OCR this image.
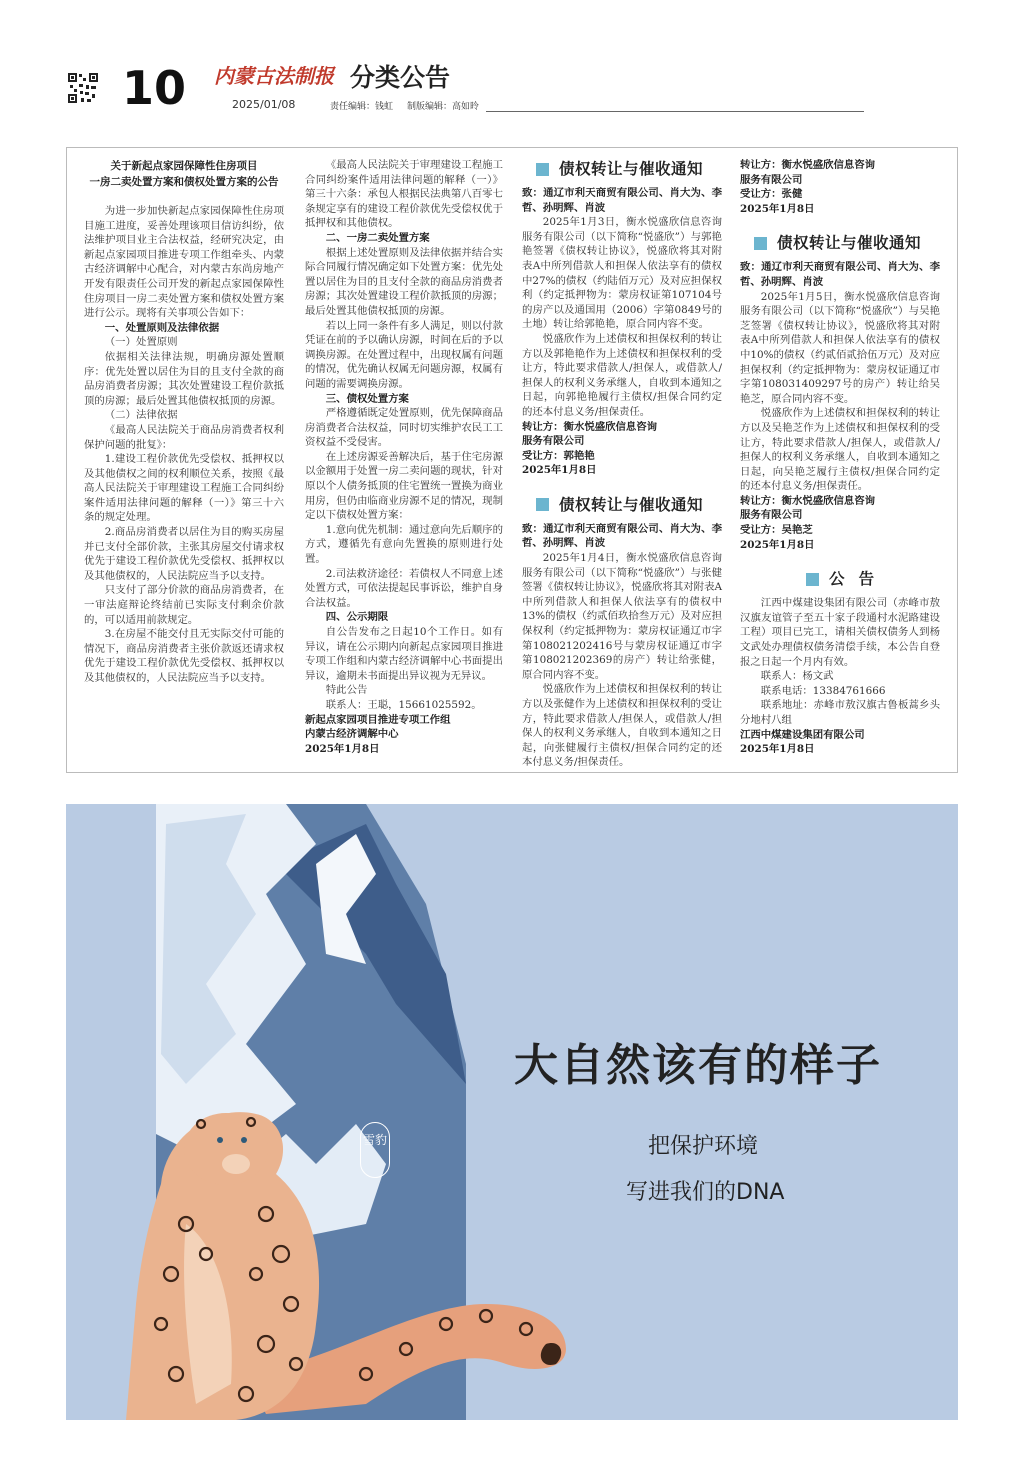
10 内蒙古法制报
2025/01/08
分类公告
责任编辑：钱虹 制版编辑：高如昤
关于新起点家园保障性住房项目
一房二卖处置方案和债权处置方案的公告

为进一步加快新起点家园保障性住房项目施工进度，妥善处理该项目信访纠纷，依法维护项目业主合法权益，经研究决定，由新起点家园项目推进专项工作组牵头、内蒙古经济调解中心配合，对内蒙古东尚房地产开发有限责任公司开发的新起点家园保障性住房项目一房二卖处置方案和债权处置方案进行公示。现将有关事项公告如下：

一、处置原则及法律依据

（一）处置原则

依据相关法律法规，明确房源处置顺序：优先处置以居住为目的且支付全款的商品房消费者房源；其次处置建设工程价款抵顶的房源；最后处置其他债权抵顶的房源。

（二）法律依据

《最高人民法院关于商品房消费者权利保护问题的批复》：

1.建设工程价款优先受偿权、抵押权以及其他债权之间的权利顺位关系，按照《最高人民法院关于审理建设工程施工合同纠纷案件适用法律问题的解释（一）》第三十六条的规定处理。

2.商品房消费者以居住为目的购买房屋并已支付全部价款，主张其房屋交付请求权优先于建设工程价款优先受偿权、抵押权以及其他债权的，人民法院应当予以支持。

只支付了部分价款的商品房消费者，在一审法庭辩论终结前已实际支付剩余价款的，可以适用前款规定。

3.在房屋不能交付且无实际交付可能的情况下，商品房消费者主张价款返还请求权优先于建设工程价款优先受偿权、抵押权以及其他债权的，人民法院应当予以支持。

《最高人民法院关于审理建设工程施工合同纠纷案件适用法律问题的解释（一）》第三十六条：承包人根据民法典第八百零七条规定享有的建设工程价款优先受偿权优于抵押权和其他债权。

二、一房二卖处置方案

根据上述处置原则及法律依据并结合实际合同履行情况确定如下处置方案：优先处置以居住为目的且支付全款的商品房消费者房源；其次处置建设工程价款抵顶的房源；最后处置其他债权抵顶的房源。

若以上同一条件有多人满足，则以付款凭证在前的予以确认房源，时间在后的予以调换房源。在处置过程中，出现权属有问题的情况，优先确认权属无问题房源，权属有问题的需要调换房源。

三、债权处置方案

严格遵循既定处置原则，优先保障商品房消费者合法权益，同时切实维护农民工工资权益不受侵害。

在上述房源妥善解决后，基于住宅房源以金额用于处置一房二卖问题的现状，针对原以个人债务抵顶的住宅置统一置换为商业用房，但仍由临商业房源不足的情况，现制定以下债权处置方案：

1.意向优先机制：通过意向先后顺序的方式，遵循先有意向先置换的原则进行处置。

2.司法救济途径：若债权人不同意上述处置方式，可依法提起民事诉讼，维护自身合法权益。

四、公示期限

自公告发布之日起10个工作日。如有异议，请在公示期内向新起点家园项目推进专项工作组和内蒙古经济调解中心书面提出异议，逾期未书面提出异议视为无异议。

特此公告

联系人：王聪，15661025592。

新起点家园项目推进专项工作组

内蒙古经济调解中心

2025年1月8日

债权转让与催收通知

致：通辽市利天商贸有限公司、肖大为、李哲、孙明辉、肖波

2025年1月3日，衡水悦盛欣信息咨询服务有限公司（以下简称“悦盛欣”）与郭艳艳签署《债权转让协议》，悦盛欣将其对附表A中所列借款人和担保人依法享有的债权中27%的债权（约陆佰万元）及对应担保权利（约定抵押物为：蒙房权证第107104号的房产以及通国用（2006）字第0849号的土地）转让给郭艳艳，原合同内容不变。

悦盛欣作为上述债权和担保权利的转让方以及郭艳艳作为上述债权和担保权利的受让方，特此要求借款人/担保人，或借款人/担保人的权利义务承继人，自收到本通知之日起，向郭艳艳履行主债权/担保合同约定的还本付息义务/担保责任。

转让方：衡水悦盛欣信息咨询

服务有限公司

受让方：郭艳艳

2025年1月8日

债权转让与催收通知

致：通辽市利天商贸有限公司、肖大为、李哲、孙明辉、肖波

2025年1月4日，衡水悦盛欣信息咨询服务有限公司（以下简称“悦盛欣”）与张健签署《债权转让协议》，悦盛欣将其对附表A中所列借款人和担保人依法享有的债权中13%的债权（约贰佰玖拾叁万元）及对应担保权利（约定抵押物为：蒙房权证通辽市字第108021202416号与蒙房权证通辽市字第108021202369的房产）转让给张健，原合同内容不变。

悦盛欣作为上述债权和担保权利的转让方以及张健作为上述债权和担保权利的受让方，特此要求借款人/担保人，或借款人/担保人的权利义务承继人，自收到本通知之日起，向张健履行主债权/担保合同约定的还本付息义务/担保责任。

转让方：衡水悦盛欣信息咨询

服务有限公司

受让方：张健

2025年1月8日

债权转让与催收通知

致：通辽市利天商贸有限公司、肖大为、李哲、孙明辉、肖波

2025年1月5日，衡水悦盛欣信息咨询服务有限公司（以下简称“悦盛欣”）与吴艳芝签署《债权转让协议》，悦盛欣将其对附表A中所列借款人和担保人依法享有的债权中10%的债权（约贰佰贰拾伍万元）及对应担保权利（约定抵押物为：蒙房权证通辽市字第108031409297号的房产）转让给吴艳芝，原合同内容不变。

悦盛欣作为上述债权和担保权利的转让方以及吴艳芝作为上述债权和担保权利的受让方，特此要求借款人/担保人，或借款人/担保人的权利义务承继人，自收到本通知之日起，向吴艳芝履行主债权/担保合同约定的还本付息义务/担保责任。

转让方：衡水悦盛欣信息咨询

服务有限公司

受让方：吴艳芝

2025年1月8日

公告

江西中煤建设集团有限公司（赤峰市敖汉旗友谊管子至五十家子段通村水泥路建设工程）项目已完工，请相关债权债务人到杨文武处办理债权债务清偿手续，本公告自登报之日起一个月内有效。

联系人：杨文武

联系电话：13384761666

联系地址：赤峰市敖汉旗古鲁板蒿乡头分地村八组

江西中煤建设集团有限公司

2025年1月8日

雪豹
大自然该有的样子
把保护环境
写进我们的DNA
